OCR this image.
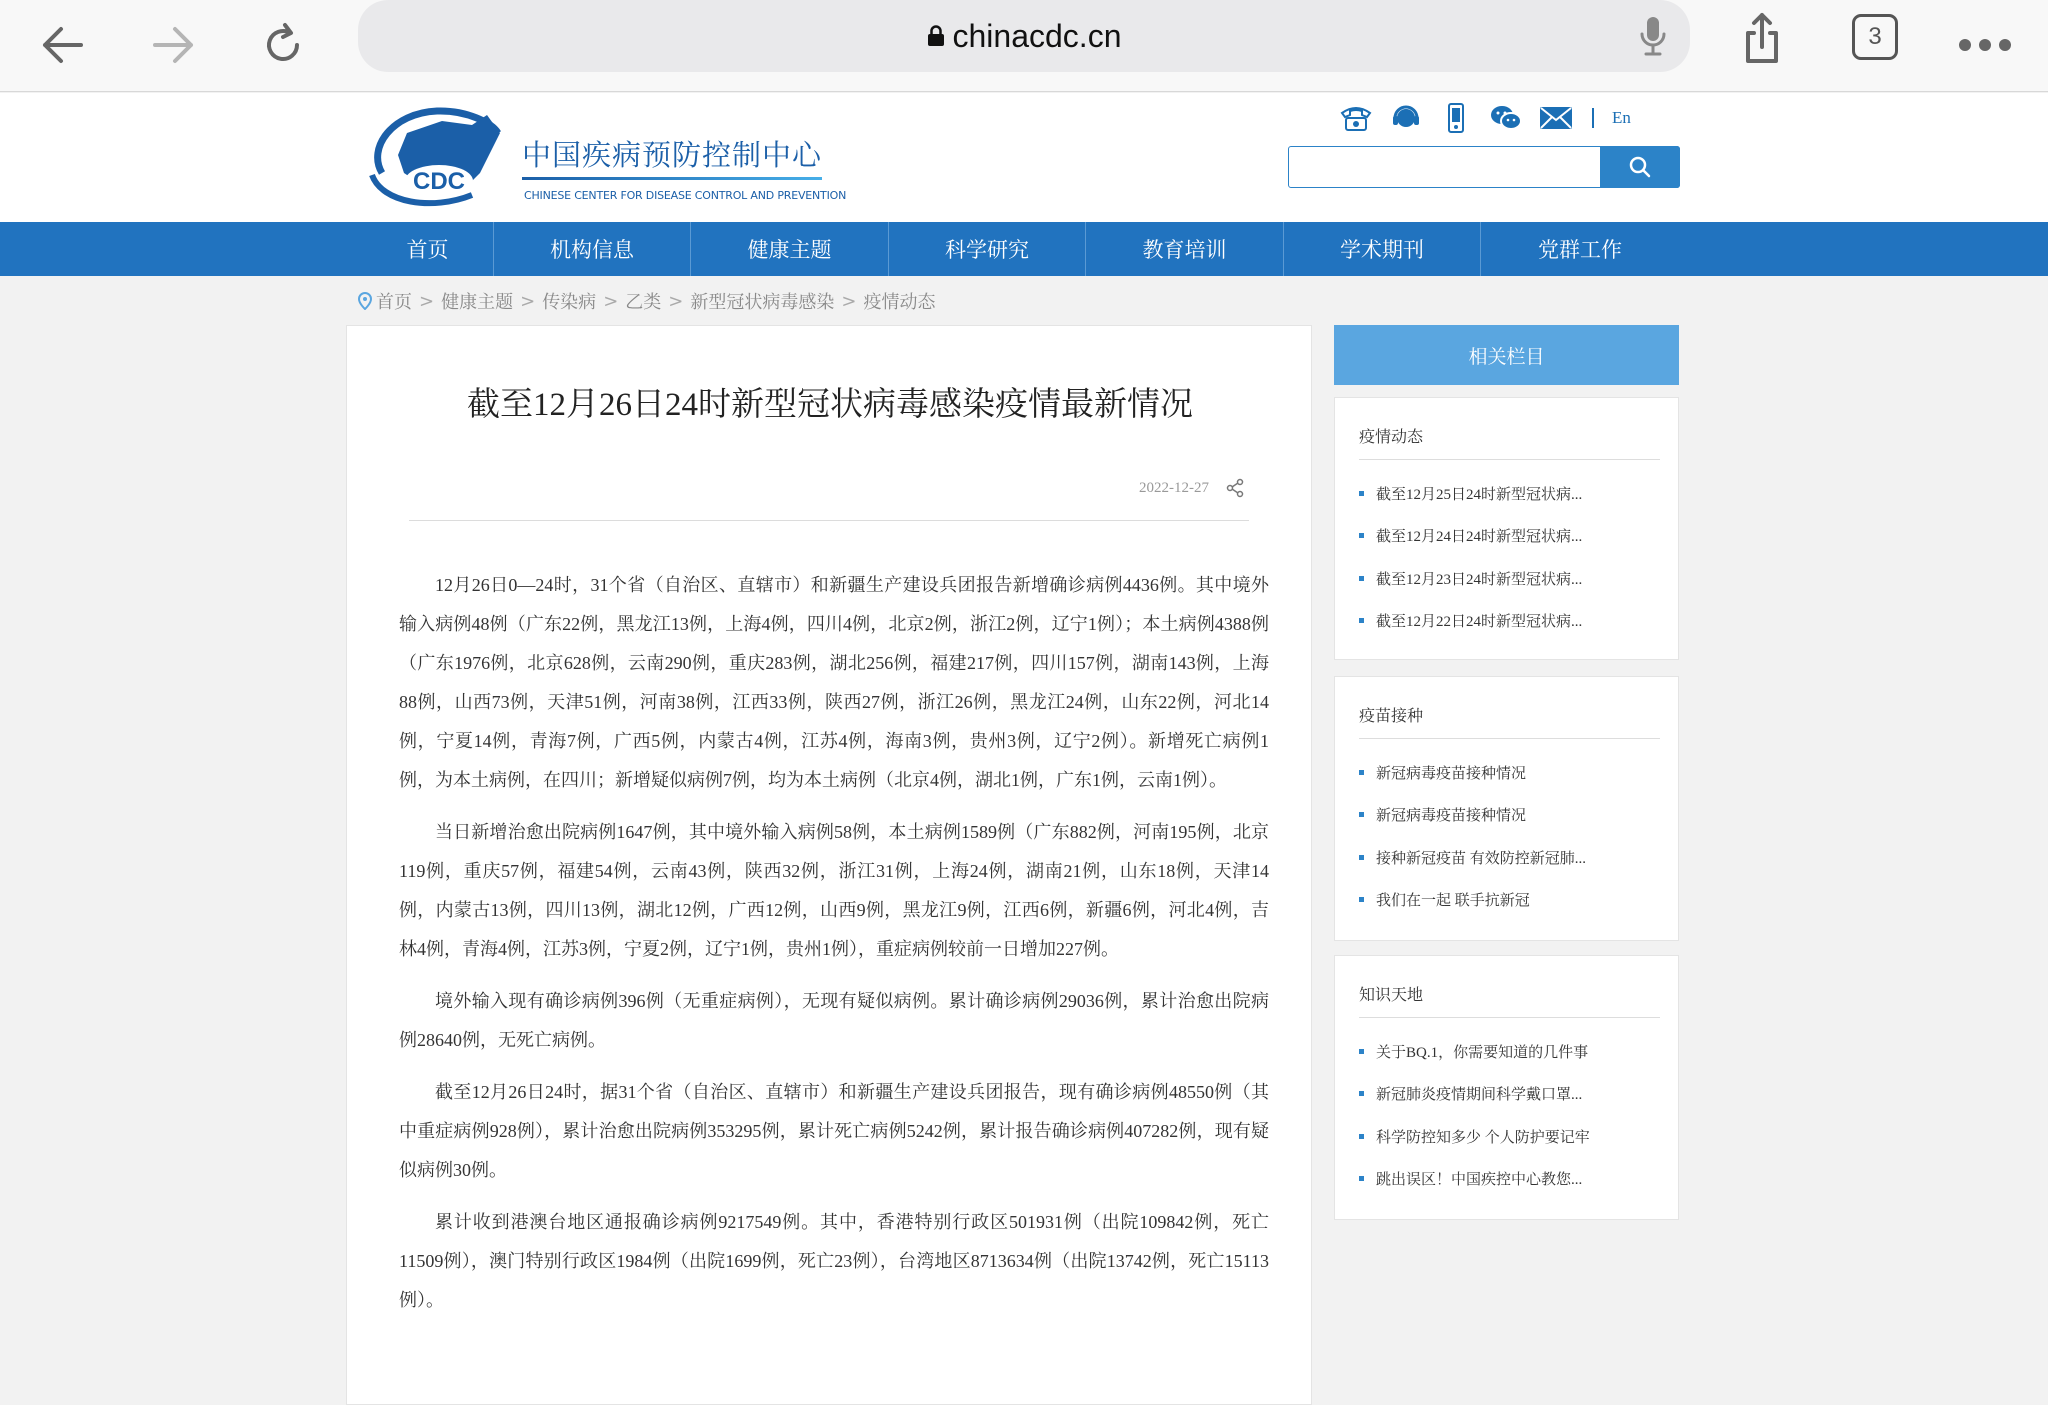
chinacdc.cn	3
CDC
中国疾病预防控制中心
CHINESE CENTER FOR DISEASE CONTROL AND PREVENTION
En
首页	机构信息	健康主题	科学研究	教育培训	学术期刊	党群工作
首页 > 健康主题 > 传染病 > 乙类 > 新型冠状病毒感染 > 疫情动态
截至12月26日24时新型冠状病毒感染疫情最新情况
2022-12-27

12月26日0—24时，31个省（自治区、直辖市）和新疆生产建设兵团报告新增确诊病例4436例。其中境外输入病例48例（广东22例，黑龙江13例，上海4例，四川4例，北京2例，浙江2例，辽宁1例）；本土病例4388例（广东1976例，北京628例，云南290例，重庆283例，湖北256例，福建217例，四川157例，湖南143例，上海88例，山西73例，天津51例，河南38例，江西33例，陕西27例，浙江26例，黑龙江24例，山东22例，河北14例，宁夏14例，青海7例，广西5例，内蒙古4例，江苏4例，海南3例，贵州3例，辽宁2例）。新增死亡病例1例，为本土病例，在四川；新增疑似病例7例，均为本土病例（北京4例，湖北1例，广东1例，云南1例）。

当日新增治愈出院病例1647例，其中境外输入病例58例，本土病例1589例（广东882例，河南195例，北京119例，重庆57例，福建54例，云南43例，陕西32例，浙江31例，上海24例，湖南21例，山东18例，天津14例，内蒙古13例，四川13例，湖北12例，广西12例，山西9例，黑龙江9例，江西6例，新疆6例，河北4例，吉林4例，青海4例，江苏3例，宁夏2例，辽宁1例，贵州1例），重症病例较前一日增加227例。

境外输入现有确诊病例396例（无重症病例），无现有疑似病例。累计确诊病例29036例，累计治愈出院病例28640例，无死亡病例。

截至12月26日24时，据31个省（自治区、直辖市）和新疆生产建设兵团报告，现有确诊病例48550例（其中重症病例928例），累计治愈出院病例353295例，累计死亡病例5242例，累计报告确诊病例407282例，现有疑似病例30例。

累计收到港澳台地区通报确诊病例9217549例。其中，香港特别行政区501931例（出院109842例，死亡11509例），澳门特别行政区1984例（出院1699例，死亡23例），台湾地区8713634例（出院13742例，死亡15113例）。

相关栏目
疫情动态
截至12月25日24时新型冠状病...
截至12月24日24时新型冠状病...
截至12月23日24时新型冠状病...
截至12月22日24时新型冠状病...
疫苗接种
新冠病毒疫苗接种情况
新冠病毒疫苗接种情况
接种新冠疫苗 有效防控新冠肺...
我们在一起 联手抗新冠
知识天地
关于BQ.1，你需要知道的几件事
新冠肺炎疫情期间科学戴口罩...
科学防控知多少 个人防护要记牢
跳出误区！中国疾控中心教您...
